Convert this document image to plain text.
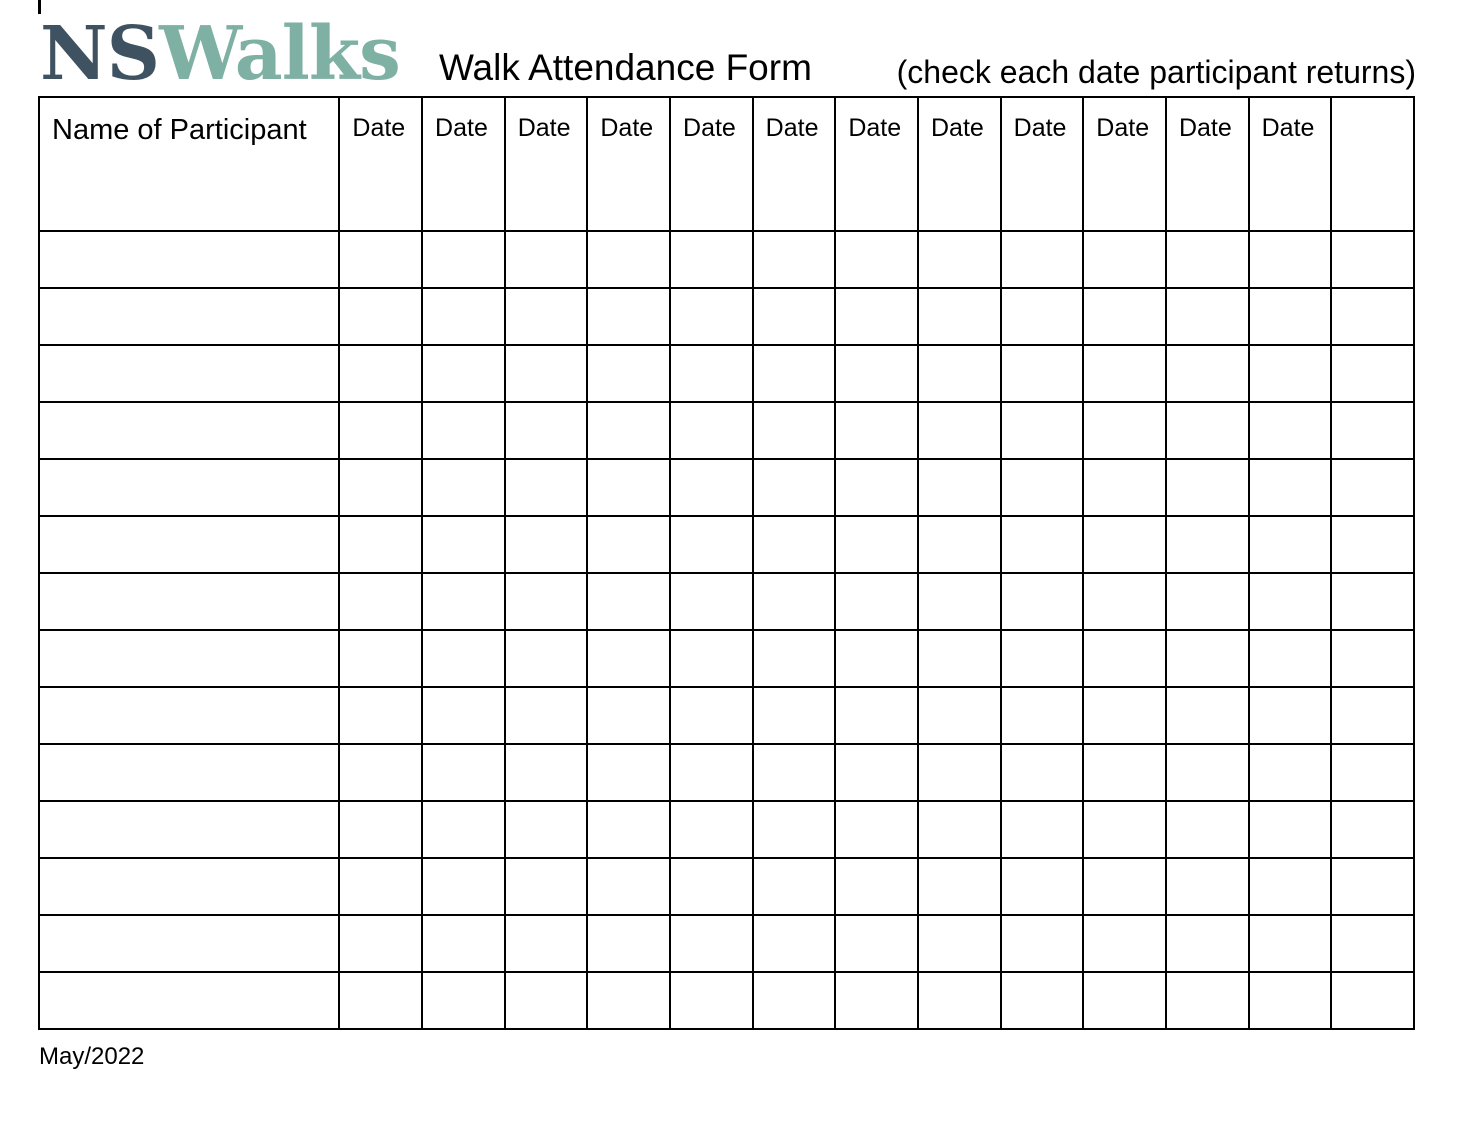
NSWalks Walk Attendance Form	(check each date participant returns)
Name of Participant	Date	Date	Date	Date	Date	Date	Date	Date	Date	Date	Date	Date	

May/2022
